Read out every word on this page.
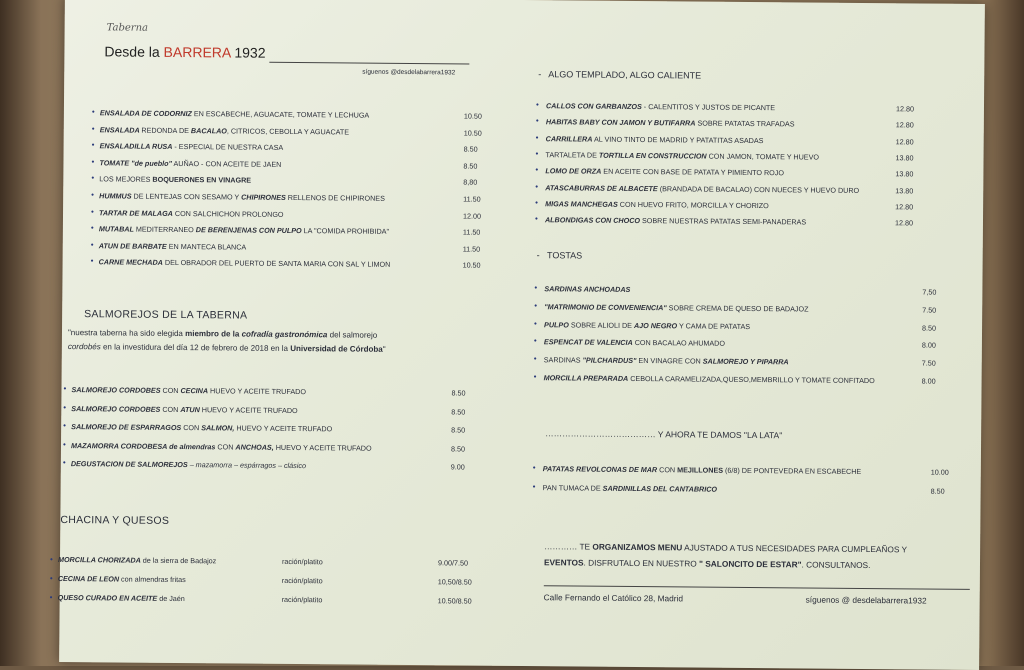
Taberna
Desde la BARRERA 1932
síguenos @desdelabarrera1932
• ENSALADA DE CODORNIZ EN ESCABECHE, AGUACATE, TOMATE Y LECHUGA	10.50
• ENSALADA REDONDA DE BACALAO, CITRICOS, CEBOLLA Y AGUACATE	10.50
• ENSALADILLA RUSA - ESPECIAL DE NUESTRA CASA	8.50
• TOMATE "de pueblo" AUÑAO - CON ACEITE DE JAEN	8.50
• LOS MEJORES BOQUERONES EN VINAGRE	8,80
• HUMMUS DE LENTEJAS CON SESAMO Y CHIPIRONES RELLENOS DE CHIPIRONES	11.50
• TARTAR DE MALAGA CON SALCHICHON PROLONGO	12.00
• MUTABAL MEDITERRANEO DE BERENJENAS CON PULPO LA "COMIDA PROHIBIDA"	11.50
• ATUN DE BARBATE EN MANTECA BLANCA	11.50
• CARNE MECHADA DEL OBRADOR DEL PUERTO DE SANTA MARIA CON SAL Y LIMON	10.50
SALMOREJOS DE LA TABERNA
"nuestra taberna ha sido elegida miembro de la cofradía gastronómica del salmorejo
cordobés en la investidura del día 12 de febrero de 2018 en la Universidad de Córdoba"
• SALMOREJO CORDOBES CON CECINA HUEVO Y ACEITE TRUFADO	8.50
• SALMOREJO CORDOBES CON ATUN HUEVO Y ACEITE TRUFADO	8.50
• SALMOREJO DE ESPARRAGOS CON SALMON, HUEVO Y ACEITE TRUFADO	8.50
• MAZAMORRA CORDOBESA de almendras CON ANCHOAS, HUEVO Y ACEITE TRUFADO	8.50
• DEGUSTACION DE SALMOREJOS – mazamorra – espárragos – clásico	9.00
CHACINA Y QUESOS
• MORCILLA CHORIZADA de la sierra de Badajoz	ración/platito	9.00/7.50
• CECINA DE LEON con almendras fritas	ración/platito	10,50/8.50
• QUESO CURADO EN ACEITE de Jaén	ración/platito	10.50/8.50
-   ALGO TEMPLADO, ALGO CALIENTE
• CALLOS CON GARBANZOS - CALENTITOS Y JUSTOS DE PICANTE	12.80
• HABITAS BABY CON JAMON Y BUTIFARRA SOBRE PATATAS TRAFADAS	12.80
• CARRILLERA AL VINO TINTO DE MADRID Y PATATITAS ASADAS	12.80
• TARTALETA DE TORTILLA EN CONSTRUCCION CON JAMON, TOMATE Y HUEVO	13.80
• LOMO DE ORZA EN ACEITE CON BASE DE PATATA Y PIMIENTO ROJO	13.80
• ATASCABURRAS DE ALBACETE (BRANDADA DE BACALAO) CON NUECES Y HUEVO DURO	13.80
• MIGAS MANCHEGAS CON HUEVO FRITO, MORCILLA Y CHORIZO	12.80
• ALBONDIGAS CON CHOCO SOBRE NUESTRAS PATATAS SEMI-PANADERAS	12.80
-   TOSTAS
• SARDINAS ANCHOADAS	7,50
• "MATRIMONIO DE CONVENIENCIA" SOBRE CREMA DE QUESO DE BADAJOZ	7.50
• PULPO SOBRE ALIOLI DE AJO NEGRO Y CAMA DE PATATAS	8.50
• ESPENCAT DE VALENCIA CON BACALAO AHUMADO	8.00
• SARDINAS "PILCHARDUS" EN VINAGRE CON SALMOREJO Y PIPARRA	7.50
• MORCILLA PREPARADA CEBOLLA CARAMELIZADA,QUESO,MEMBRILLO Y TOMATE CONFITADO	8.00
………………………………… Y AHORA TE DAMOS "LA LATA"
• PATATAS REVOLCONAS DE MAR CON MEJILLONES (6/8) DE PONTEVEDRA EN ESCABECHE	10.00
• PAN TUMACA DE SARDINILLAS DEL CANTABRICO	8.50
………… TE ORGANIZAMOS MENU AJUSTADO A TUS NECESIDADES PARA CUMPLEAÑOS Y
EVENTOS. DISFRUTALO EN NUESTRO " SALONCITO DE ESTAR". CONSULTANOS.
Calle Fernando el Católico 28, Madrid	síguenos @ desdelabarrera1932
